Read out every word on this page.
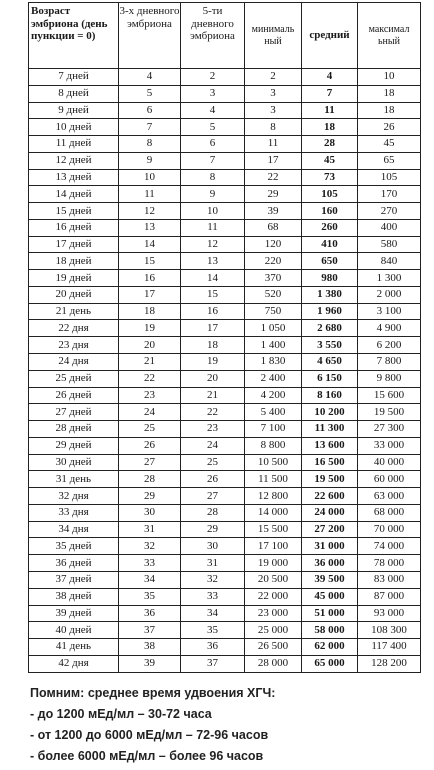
Возраст эмбриона (день пункции = 0)	3-х дневного эмбриона	5-ти дневного эмбриона	минималь ный	средний	максимал ьный
7 дней	4	2	2	4	10
8 дней	5	3	3	7	18
9 дней	6	4	3	11	18
10 дней	7	5	8	18	26
11 дней	8	6	11	28	45
12 дней	9	7	17	45	65
13 дней	10	8	22	73	105
14 дней	11	9	29	105	170
15 дней	12	10	39	160	270
16 дней	13	11	68	260	400
17 дней	14	12	120	410	580
18 дней	15	13	220	650	840
19 дней	16	14	370	980	1 300
20 дней	17	15	520	1 380	2 000
21 день	18	16	750	1 960	3 100
22 дня	19	17	1 050	2 680	4 900
23 дня	20	18	1 400	3 550	6 200
24 дня	21	19	1 830	4 650	7 800
25 дней	22	20	2 400	6 150	9 800
26 дней	23	21	4 200	8 160	15 600
27 дней	24	22	5 400	10 200	19 500
28 дней	25	23	7 100	11 300	27 300
29 дней	26	24	8 800	13 600	33 000
30 дней	27	25	10 500	16 500	40 000
31 день	28	26	11 500	19 500	60 000
32 дня	29	27	12 800	22 600	63 000
33 дня	30	28	14 000	24 000	68 000
34 дня	31	29	15 500	27 200	70 000
35 дней	32	30	17 100	31 000	74 000
36 дней	33	31	19 000	36 000	78 000
37 дней	34	32	20 500	39 500	83 000
38 дней	35	33	22 000	45 000	87 000
39 дней	36	34	23 000	51 000	93 000
40 дней	37	35	25 000	58 000	108 300
41 день	38	36	26 500	62 000	117 400
42 дня	39	37	28 000	65 000	128 200
Помним: среднее время удвоения ХГЧ:
- до 1200 мЕд/мл – 30-72 часа
- от 1200 до 6000 мЕд/мл – 72-96 часов
- более 6000 мЕд/мл – более 96 часов
